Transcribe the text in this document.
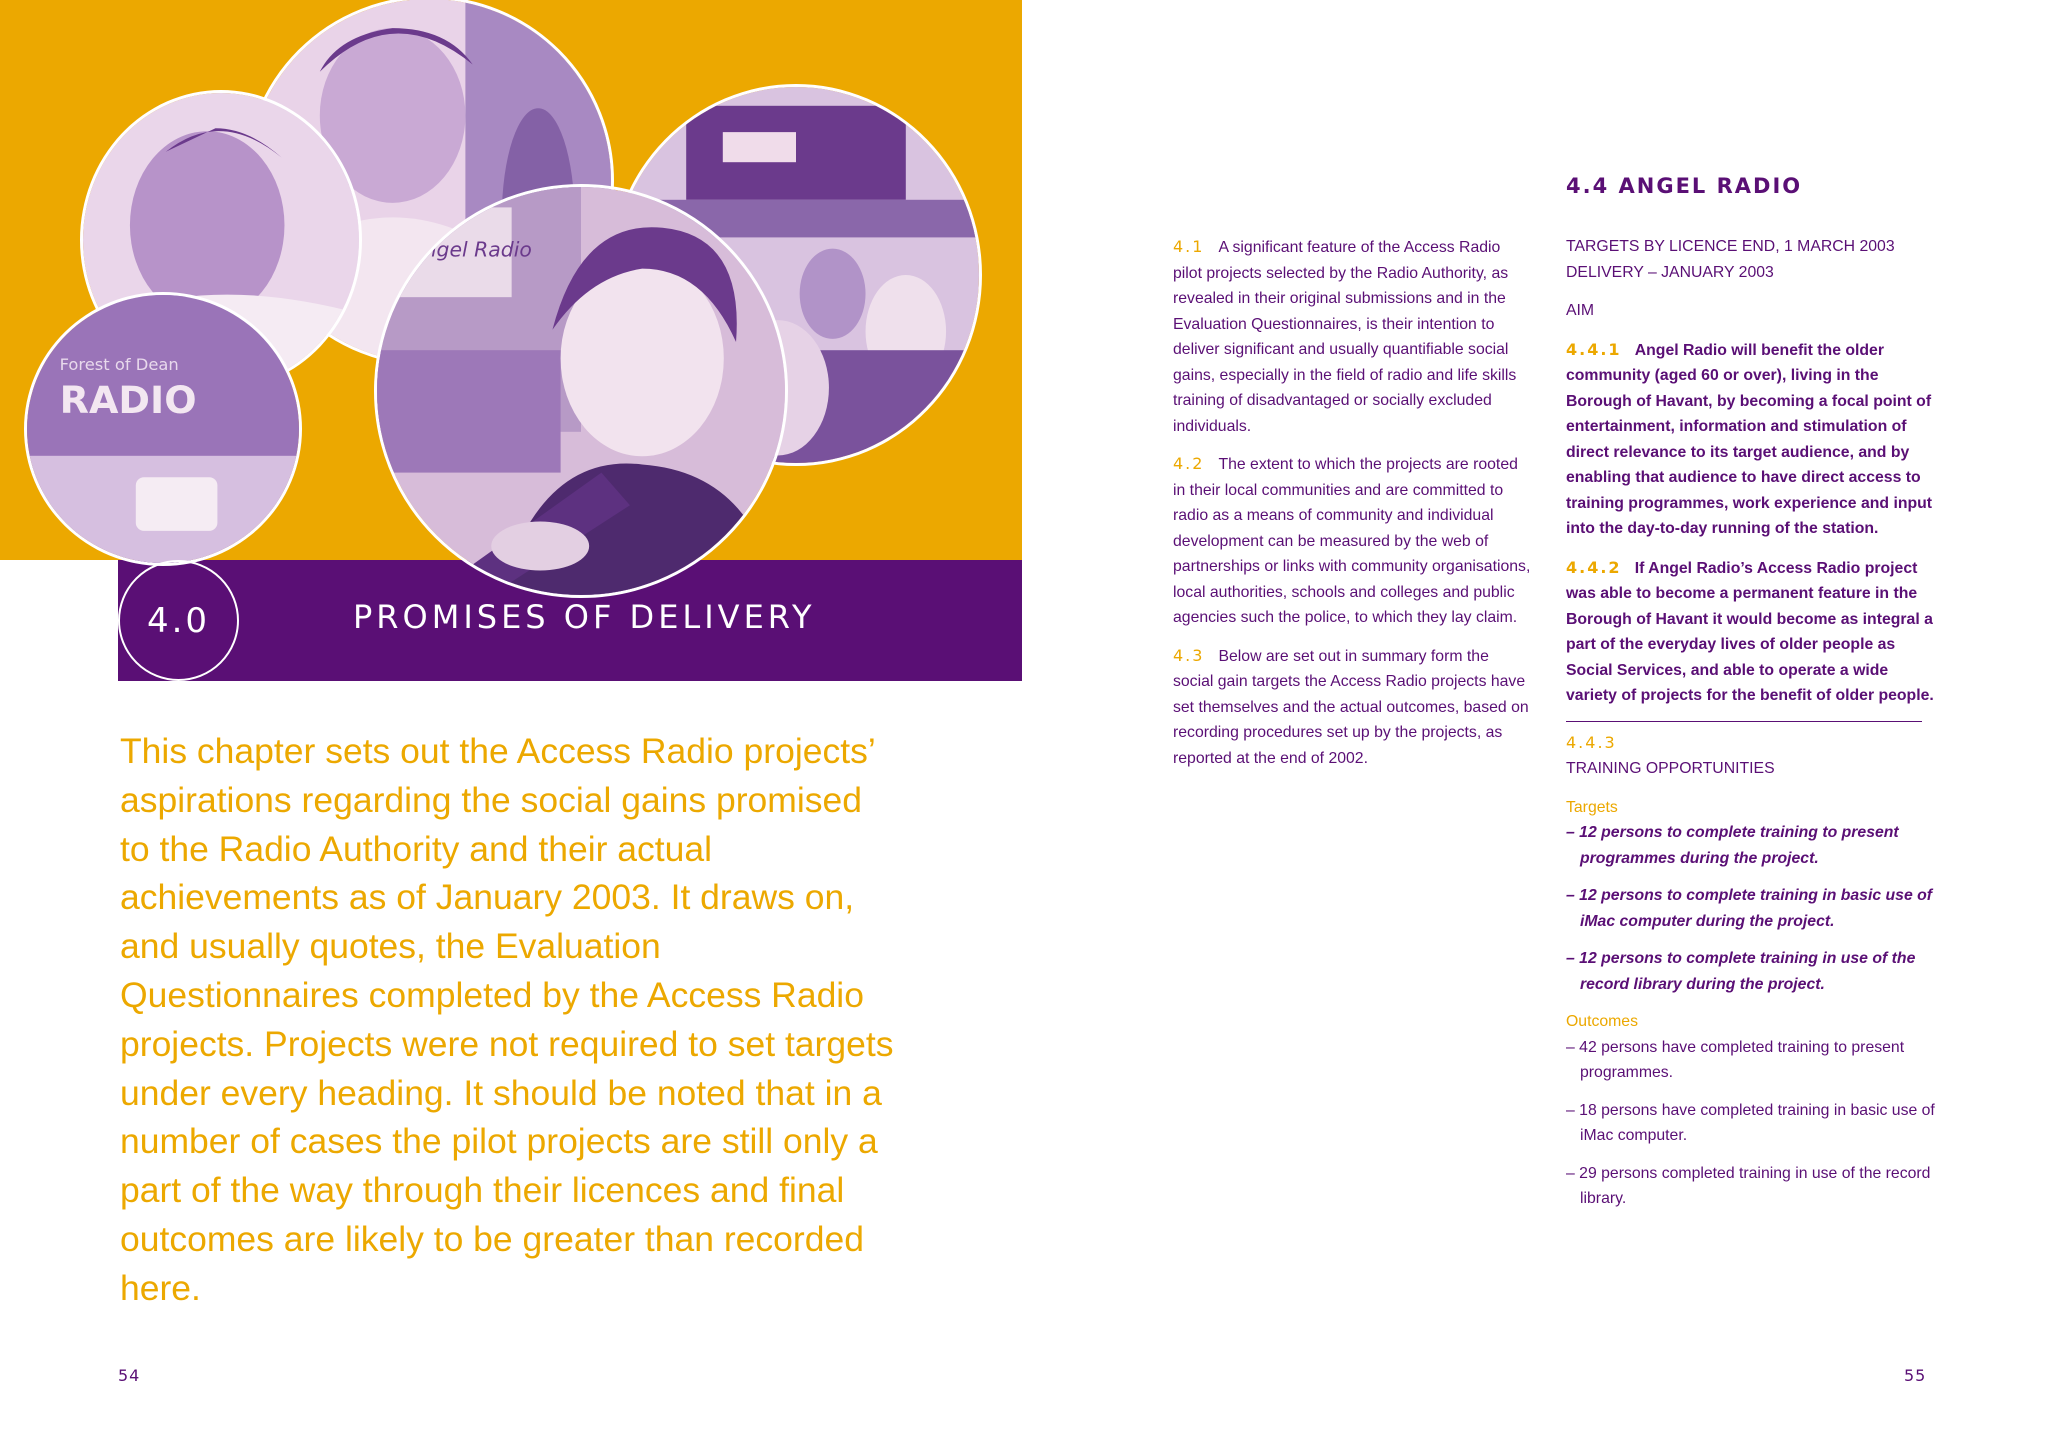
Forest of Dean
RADIO
Angel Radio
4.0	PROMISES OF DELIVERY
This chapter sets out the Access Radio projects’ aspirations regarding the social gains promised to the Radio Authority and their actual achievements as of January 2003. It draws on, and usually quotes, the Evaluation Questionnaires completed by the Access Radio projects. Projects were not required to set targets under every heading. It should be noted that in a number of cases the pilot projects are still only a part of the way through their licences and final outcomes are likely to be greater than recorded here.
54

4.1 A significant feature of the Access Radio pilot projects selected by the Radio Authority, as revealed in their original submissions and in the Evaluation Questionnaires, is their intention to deliver significant and usually quantifiable social gains, especially in the field of radio and life skills training of disadvantaged or socially excluded individuals.

4.2 The extent to which the projects are rooted in their local communities and are committed to radio as a means of community and individual development can be measured by the web of partnerships or links with community organisations, local authorities, schools and colleges and public agencies such the police, to which they lay claim.

4.3 Below are set out in summary form the social gain targets the Access Radio projects have set themselves and the actual outcomes, based on recording procedures set up by the projects, as reported at the end of 2002.

4.4 ANGEL RADIO

TARGETS BY LICENCE END, 1 MARCH 2003

DELIVERY – JANUARY 2003

AIM

4.4.1 Angel Radio will benefit the older community (aged 60 or over), living in the Borough of Havant, by becoming a focal point of entertainment, information and stimulation of direct relevance to its target audience, and by enabling that audience to have direct access to training programmes, work experience and input into the day-to-day running of the station.

4.4.2 If Angel Radio’s Access Radio project was able to become a permanent feature in the Borough of Havant it would become as integral a part of the everyday lives of older people as Social Services, and able to operate a wide variety of projects for the benefit of older people.

4.4.3

TRAINING OPPORTUNITIES

Targets

– 12 persons to complete training to present programmes during the project.

– 12 persons to complete training in basic use of iMac computer during the project.

– 12 persons to complete training in use of the record library during the project.

Outcomes

– 42 persons have completed training to present programmes.

– 18 persons have completed training in basic use of iMac computer.

– 29 persons completed training in use of the record library.

55
